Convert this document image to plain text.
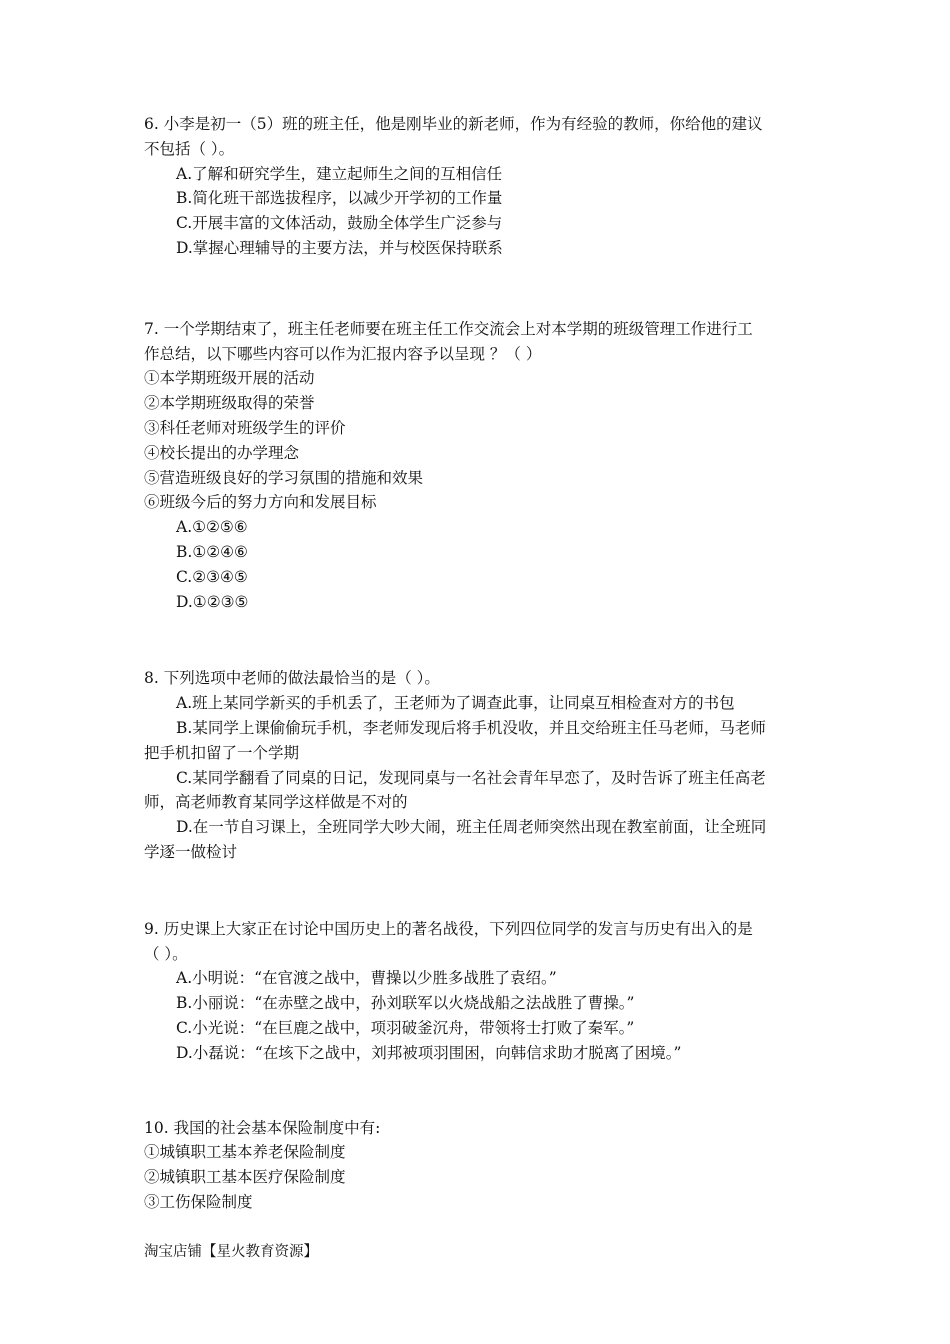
6. 小李是初一（5）班的班主任，他是刚毕业的新老师，作为有经验的教师，你给他的建议
不包括（ ）。
A.了解和研究学生，建立起师生之间的互相信任
B.简化班干部选拔程序，以减少开学初的工作量
C.开展丰富的文体活动，鼓励全体学生广泛参与
D.掌握心理辅导的主要方法，并与校医保持联系
7. 一个学期结束了，班主任老师要在班主任工作交流会上对本学期的班级管理工作进行工
作总结，以下哪些内容可以作为汇报内容予以呈现 ？（ ）
①本学期班级开展的活动
②本学期班级取得的荣誉
③科任老师对班级学生的评价
④校长提出的办学理念
⑤营造班级良好的学习氛围的措施和效果
⑥班级今后的努力方向和发展目标
A.①②⑤⑥
B.①②④⑥
C.②③④⑤
D.①②③⑤
8. 下列选项中老师的做法最恰当的是（ ）。
A.班上某同学新买的手机丢了，王老师为了调查此事，让同桌互相检查对方的书包
B.某同学上课偷偷玩手机，李老师发现后将手机没收，并且交给班主任马老师，马老师
把手机扣留了一个学期
C.某同学翻看了同桌的日记，发现同桌与一名社会青年早恋了，及时告诉了班主任高老
师，高老师教育某同学这样做是不对的
D.在一节自习课上，全班同学大吵大闹，班主任周老师突然出现在教室前面，让全班同
学逐一做检讨
9. 历史课上大家正在讨论中国历史上的著名战役，下列四位同学的发言与历史有出入的是
（ ）。
A.小明说：“在官渡之战中，曹操以少胜多战胜了袁绍。”
B.小丽说：“在赤壁之战中，孙刘联军以火烧战船之法战胜了曹操。”
C.小光说：“在巨鹿之战中，项羽破釜沉舟，带领将士打败了秦军。”
D.小磊说：“在垓下之战中，刘邦被项羽围困，向韩信求助才脱离了困境。”
10. 我国的社会基本保险制度中有:
①城镇职工基本养老保险制度
②城镇职工基本医疗保险制度
③工伤保险制度
淘宝店铺【星火教育资源】
